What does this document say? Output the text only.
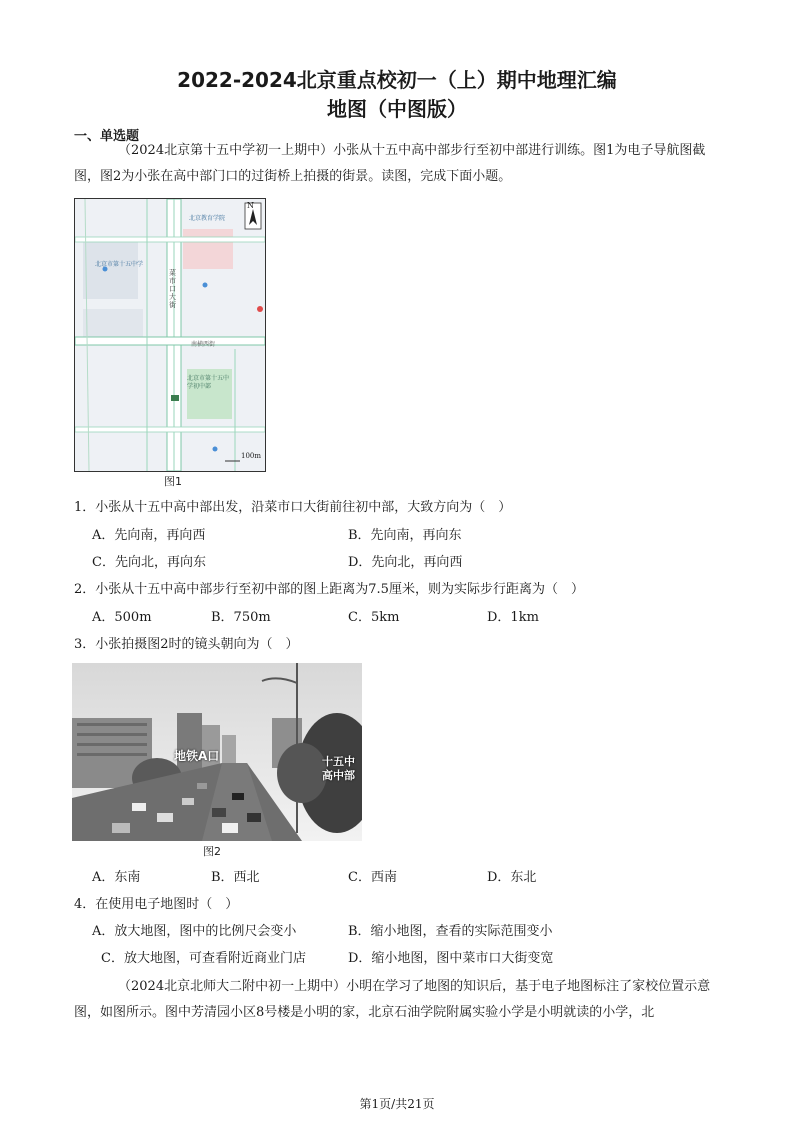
2022-2024北京重点校初一（上）期中地理汇编
地图（中图版）
一、单选题
（2024北京第十五中学初一上期中）小张从十五中高中部步行至初中部进行训练。图1为电子导航图截图，图2为小张在高中部门口的过街桥上拍摄的街景。读图，完成下面小题。
N
100m
菜市口大街
北京市第十五中学
北京市第十五中学初中部
北京教育学院
南横西街
图1
1．小张从十五中高中部出发，沿菜市口大街前往初中部，大致方向为（　）
A．先向南，再向西	B．先向南，再向东
C．先向北，再向东	D．先向北，再向西
2．小张从十五中高中部步行至初中部的图上距离为7.5厘米，则为实际步行距离为（　）
A．500m	B．750m	C．5km	D．1km
3．小张拍摄图2时的镜头朝向为（　）
地铁A口	十五中
高中部
图2
A．东南	B．西北	C．西南	D．东北
4．在使用电子地图时（　）
A．放大地图，图中的比例尺会变小	B．缩小地图，查看的实际范围变小
C．放大地图，可查看附近商业门店	D．缩小地图，图中菜市口大街变宽
（2024北京北师大二附中初一上期中）小明在学习了地图的知识后，基于电子地图标注了家校位置示意图，如图所示。图中芳清园小区8号楼是小明的家，北京石油学院附属实验小学是小明就读的小学，北
第1页/共21页
